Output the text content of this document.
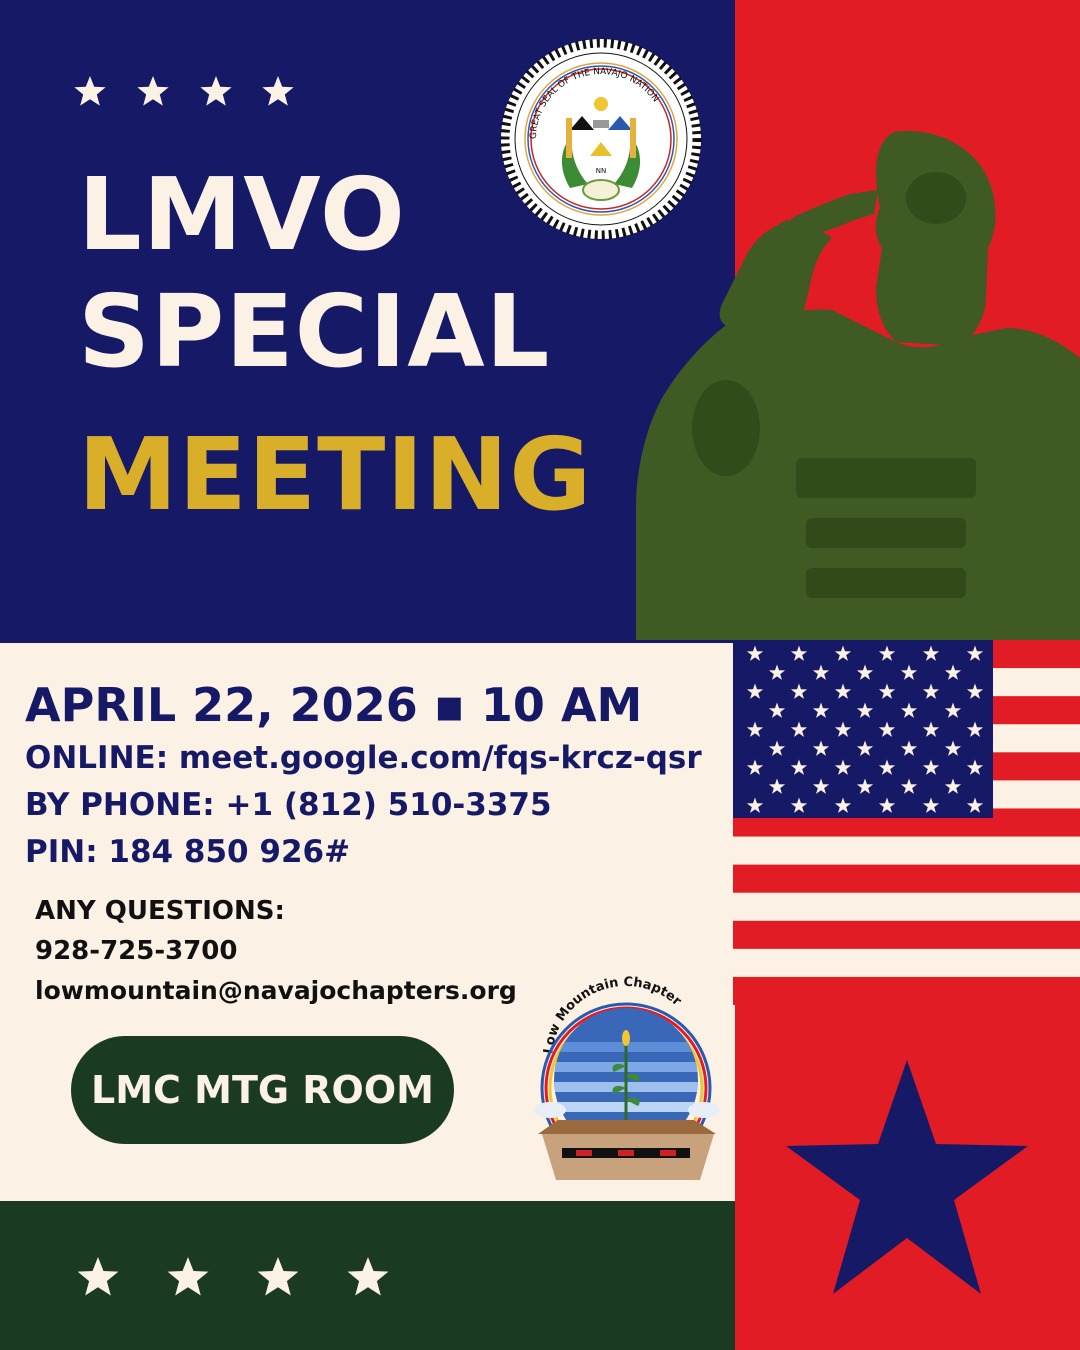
LMVO
SPECIAL
MEETING
GREAT SEAL OF THE NAVAJO NATION
NN
APRIL 22, 2026 ▪ 10 AM
ONLINE: meet.google.com/fqs-krcz-qsr
BY PHONE: +1 (812) 510-3375
PIN: 184 850 926#
ANY QUESTIONS:
928-725-3700
lowmountain@navajochapters.org
LMC MTG ROOM
Low Mountain Chapter
